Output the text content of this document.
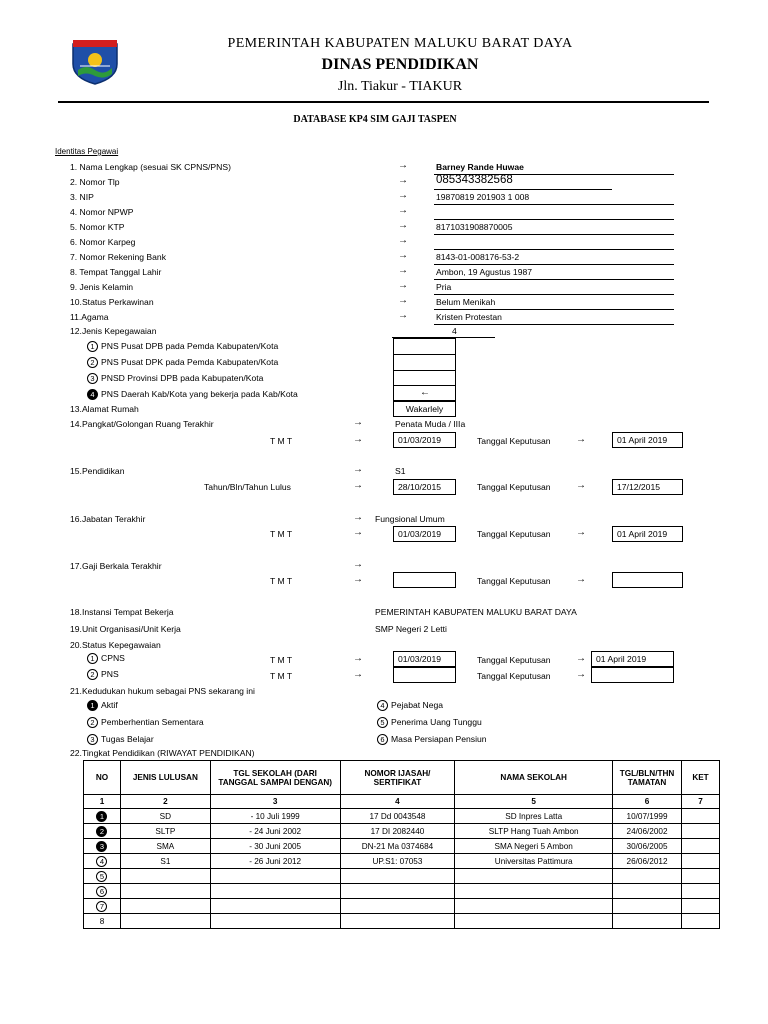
PEMERINTAH KABUPATEN MALUKU BARAT DAYA
DINAS PENDIDIKAN
Jln. Tiakur - TIAKUR
DATABASE KP4 SIM GAJI TASPEN
Identitas Pegawai
1. Nama Lengkap (sesuai SK CPNS/PNS)	→	Barney Rande Huwae
2. Nomor Tlp	→ 085343382568
3. NIP	→	19870819 201903 1 008
4. Nomor NPWP	→
5. Nomor KTP	→	8171031908870005
6. Nomor Karpeg	→
7. Nomor Rekening Bank	→	8143-01-008176-53-2
8. Tempat Tanggal Lahir	→	Ambon, 19 Agustus 1987
9. Jenis Kelamin	→	Pria
10.Status Perkawinan	→	Belum Menikah
11.Agama	→	Kristen Protestan
12.Jenis Kepegawaian	4
1 PNS Pusat DPB pada Pemda Kabupaten/Kota
2 PNS Pusat DPK pada Pemda Kabupaten/Kota
3 PNSD Provinsi DPB pada Kabupaten/Kota
4 PNS Daerah Kab/Kota yang bekerja pada Kab/Kota	←
13.Alamat Rumah	Wakarlely
14.Pangkat/Golongan Ruang Terakhir	→	Penata Muda / IIIa
T M T	→	01/03/2019	Tanggal Keputusan	→	01 April 2019
15.Pendidikan	→	S1
Tahun/Bln/Tahun Lulus	→	28/10/2015	Tanggal Keputusan	→	17/12/2015
16.Jabatan Terakhir	→ Fungsional Umum
T M T	→	01/03/2019	Tanggal Keputusan	→	01 April 2019
17.Gaji Berkala Terakhir	→
T M T	→	Tanggal Keputusan	→
18.Instansi Tempat Bekerja	PEMERINTAH KABUPATEN MALUKU BARAT DAYA
19.Unit Organisasi/Unit Kerja	SMP Negeri 2 Letti
20.Status Kepegawaian
1 CPNS	T M T	→	01/03/2019	Tanggal Keputusan	→	01 April 2019
2 PNS	T M T	→	Tanggal Keputusan	→
21.Kedudukan hukum sebagai PNS sekarang ini
1 Aktif
2 Pemberhentian Sementara
3 Tugas Belajar
4 Pejabat Nega
5 Penerima Uang Tunggu
6 Masa Persiapan Pensiun
22.Tingkat Pendidikan (RIWAYAT PENDIDIKAN)
NO	JENIS LULUSAN	TGL SEKOLAH (DARI TANGGAL SAMPAI DENGAN)	NOMOR IJASAH/ SERTIFIKAT	NAMA SEKOLAH	TGL/BLN/THN TAMATAN	KET
1	2	3	4	5	6	7
1	SD	- 10 Juli 1999	17 Dd 0043548	SD Inpres Latta	10/07/1999	
2	SLTP	- 24 Juni 2002	17 DI 2082440	SLTP Hang Tuah Ambon	24/06/2002	
3	SMA	- 30 Juni 2005	DN-21 Ma 0374684	SMA Negeri 5 Ambon	30/06/2005	
4	S1	- 26 Juni 2012	UP.S1: 07053	Universitas Pattimura	26/06/2012	
5						
6						
7						
8						
